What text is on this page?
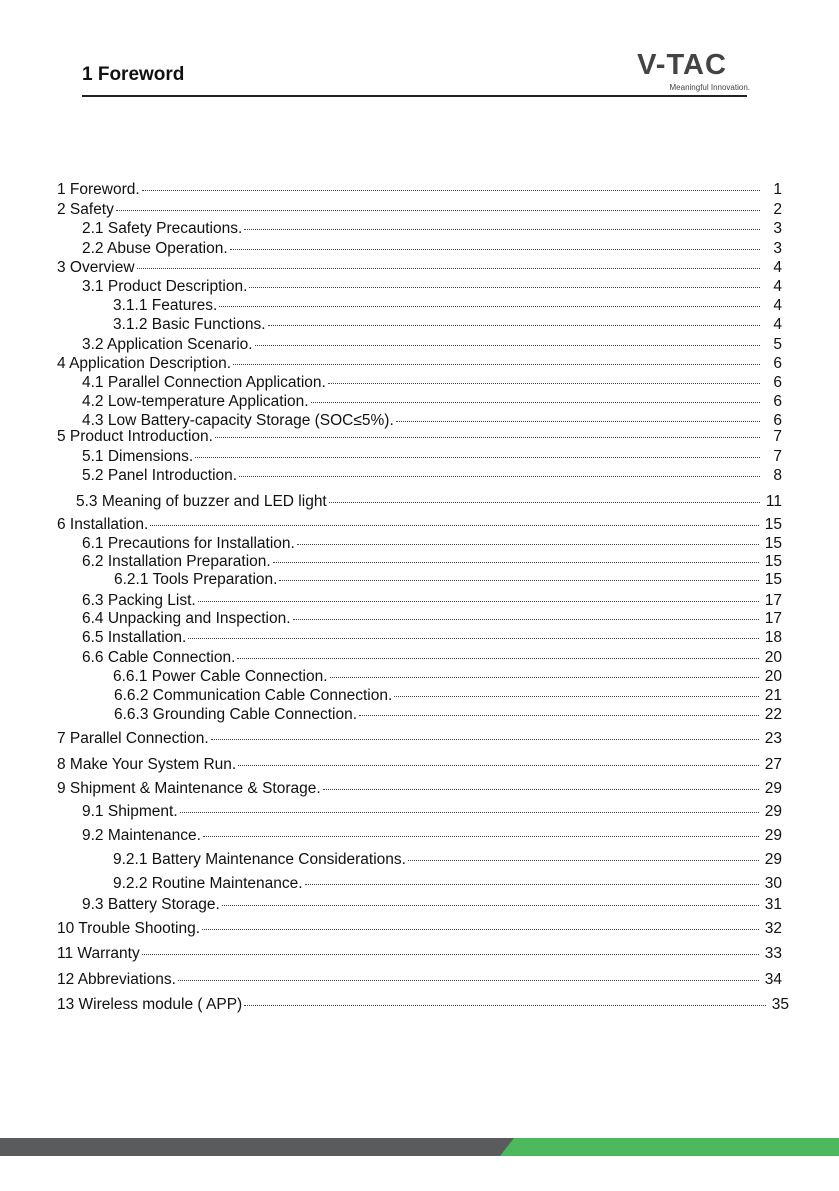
1 Foreword	V-TAC
Meaningful Innovation.
1 Foreword.	1
2 Safety	2
2.1 Safety Precautions.	3
2.2 Abuse Operation.	3
3 Overview	4
3.1 Product Description.	4
3.1.1 Features.	4
3.1.2 Basic Functions.	4
3.2 Application Scenario.	5
4 Application Description.	6
4.1 Parallel Connection Application.	6
4.2 Low-temperature Application.	6
4.3 Low Battery-capacity Storage (SOC≤5%).	6
5 Product Introduction.	7
5.1 Dimensions.	7
5.2 Panel Introduction.	8
5.3 Meaning of buzzer and LED light	11
6 Installation.	15
6.1 Precautions for Installation.	15
6.2 Installation Preparation.	15
6.2.1 Tools Preparation.	15
6.3 Packing List.	17
6.4 Unpacking and Inspection.	17
6.5 Installation.	18
6.6 Cable Connection.	20
6.6.1 Power Cable Connection.	20
6.6.2 Communication Cable Connection.	21
6.6.3 Grounding Cable Connection.	22
7 Parallel Connection.	23
8 Make Your System Run.	27
9 Shipment & Maintenance & Storage.	29
9.1 Shipment.	29
9.2 Maintenance.	29
9.2.1 Battery Maintenance Considerations.	29
9.2.2 Routine Maintenance.	30
9.3 Battery Storage.	31
10 Trouble Shooting.	32
11 Warranty	33
12 Abbreviations.	34
13 Wireless module ( APP)	35
